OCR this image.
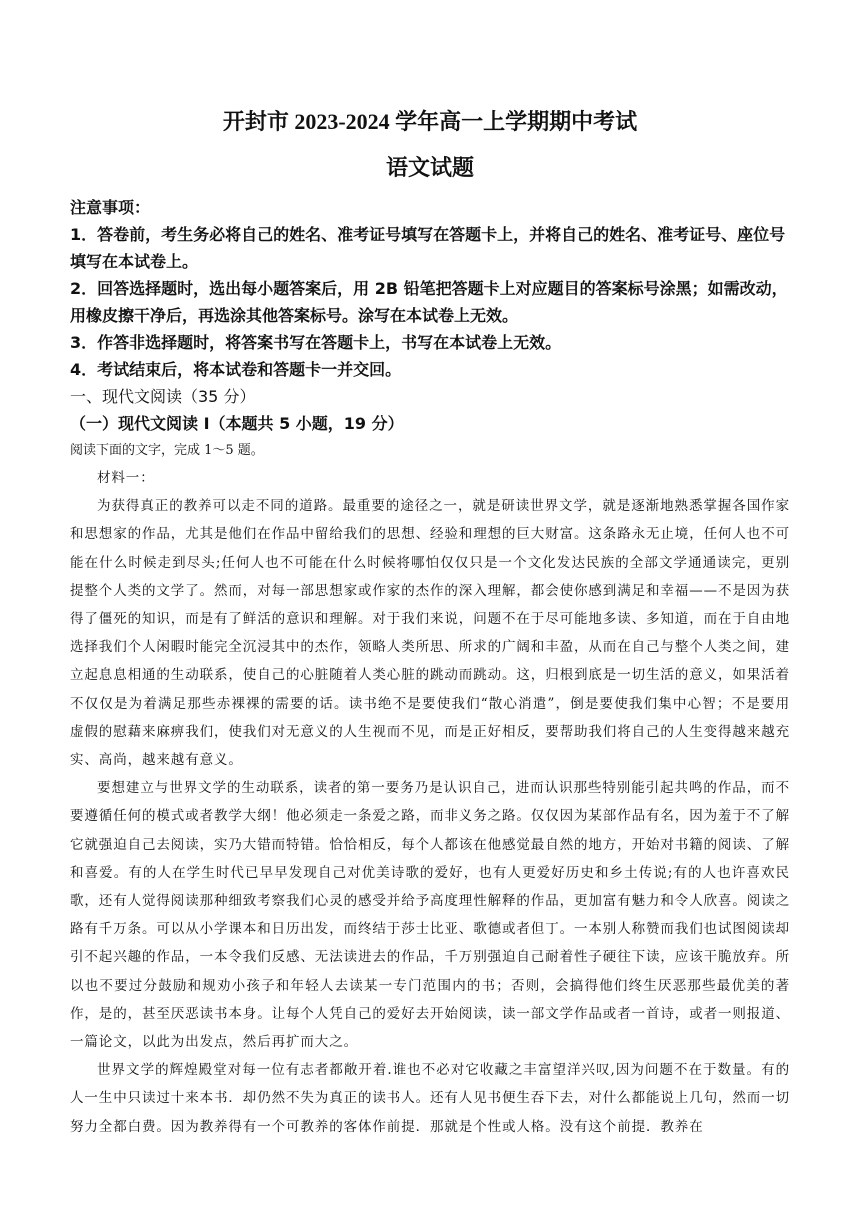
开封市 2023-2024 学年高一上学期期中考试
语文试题

注意事项：

1．答卷前，考生务必将自己的姓名、准考证号填写在答题卡上，并将自己的姓名、准考证号、座位号填写在本试卷上。

2．回答选择题时，选出每小题答案后，用 2B 铅笔把答题卡上对应题目的答案标号涂黑；如需改动，用橡皮擦干净后，再选涂其他答案标号。涂写在本试卷上无效。

3．作答非选择题时，将答案书写在答题卡上，书写在本试卷上无效。

4．考试结束后，将本试卷和答题卡一并交回。

一、现代文阅读（35 分）
（一）现代文阅读 I（本题共 5 小题，19 分）
阅读下面的文字，完成 1～5 题。

材料一：

为获得真正的教养可以走不同的道路。最重要的途径之一，就是研读世界文学，就是逐渐地熟悉掌握各国作家和思想家的作品，尤其是他们在作品中留给我们的思想、经验和理想的巨大财富。这条路永无止境，任何人也不可能在什么时候走到尽头;任何人也不可能在什么时候将哪怕仅仅只是一个文化发达民族的全部文学通通读完，更别提整个人类的文学了。然而，对每一部思想家或作家的杰作的深入理解，都会使你感到满足和幸福——不是因为获得了僵死的知识，而是有了鲜活的意识和理解。对于我们来说，问题不在于尽可能地多读、多知道，而在于自由地选择我们个人闲暇时能完全沉浸其中的杰作，领略人类所思、所求的广阔和丰盈，从而在自己与整个人类之间，建立起息息相通的生动联系，使自己的心脏随着人类心脏的跳动而跳动。这，归根到底是一切生活的意义，如果活着不仅仅是为着满足那些赤裸裸的需要的话。读书绝不是要使我们“散心消遣”，倒是要使我们集中心智；不是要用虚假的慰藉来麻痹我们，使我们对无意义的人生视而不见，而是正好相反，要帮助我们将自己的人生变得越来越充实、高尚，越来越有意义。

要想建立与世界文学的生动联系，读者的第一要务乃是认识自己，进而认识那些特别能引起共鸣的作品，而不要遵循任何的模式或者教学大纲！他必须走一条爱之路，而非义务之路。仅仅因为某部作品有名，因为羞于不了解它就强迫自己去阅读，实乃大错而特错。恰恰相反，每个人都该在他感觉最自然的地方，开始对书籍的阅读、了解和喜爱。有的人在学生时代已早早发现自己对优美诗歌的爱好，也有人更爱好历史和乡土传说;有的人也许喜欢民歌，还有人觉得阅读那种细致考察我们心灵的感受并给予高度理性解释的作品，更加富有魅力和令人欣喜。阅读之路有千万条。可以从小学课本和日历出发，而终结于莎士比亚、歌德或者但丁。一本别人称赞而我们也试图阅读却引不起兴趣的作品，一本令我们反感、无法读进去的作品，千万别强迫自己耐着性子硬往下读，应该干脆放弃。所以也不要过分鼓励和规劝小孩子和年轻人去读某一专门范围内的书；否则，会搞得他们终生厌恶那些最优美的著作，是的，甚至厌恶读书本身。让每个人凭自己的爱好去开始阅读，读一部文学作品或者一首诗，或者一则报道、一篇论文，以此为出发点，然后再扩而大之。

世界文学的辉煌殿堂对每一位有志者都敞开着.谁也不必对它收藏之丰富望洋兴叹,因为问题不在于数量。有的人一生中只读过十来本书．却仍然不失为真正的读书人。还有人见书便生吞下去，对什么都能说上几句，然而一切努力全都白费。因为教养得有一个可教养的客体作前提．那就是个性或人格。没有这个前提．教养在
